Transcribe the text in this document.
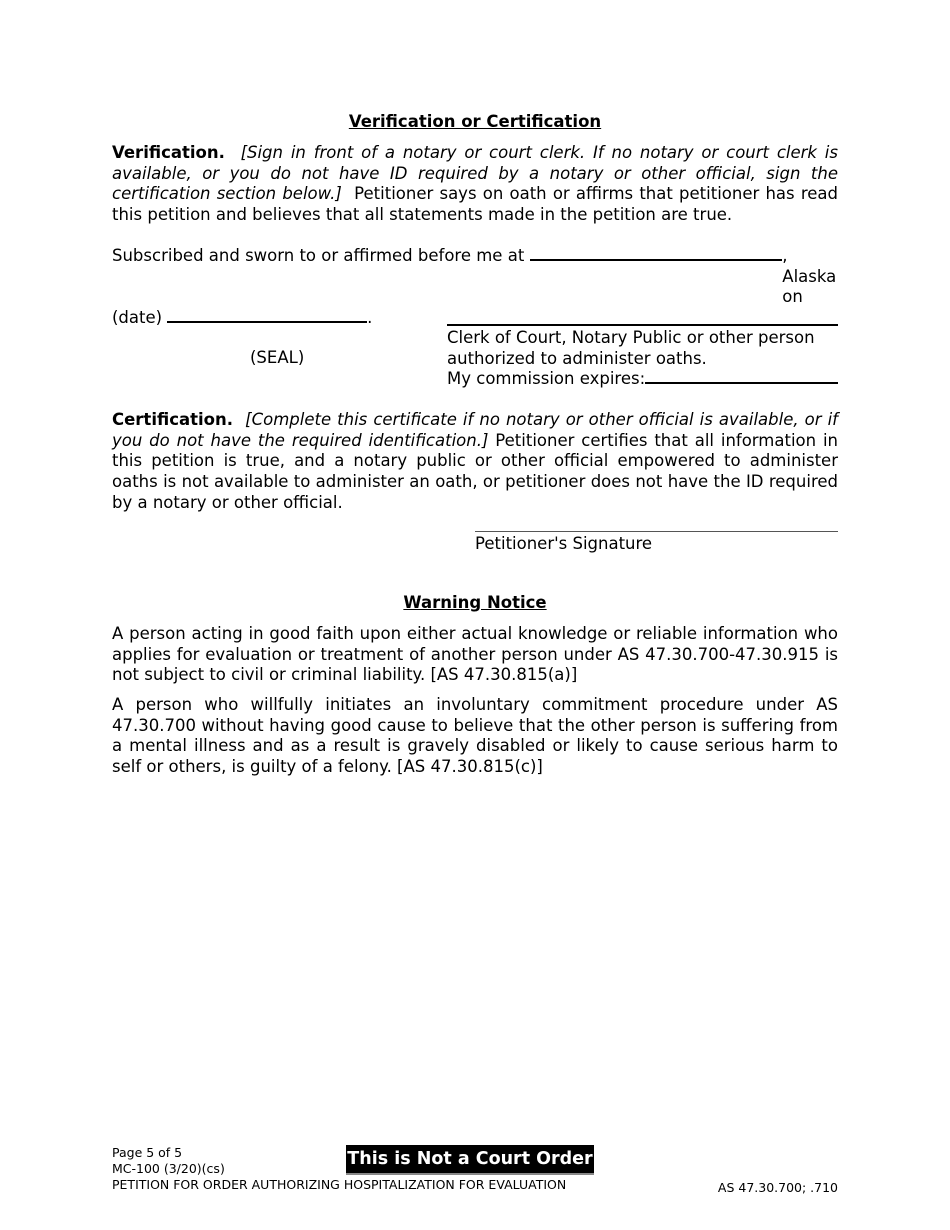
Verification or Certification
Verification. [Sign in front of a notary or court clerk. If no notary or court clerk is available, or you do not have ID required by a notary or other official, sign the certification section below.] Petitioner says on oath or affirms that petitioner has read this petition and believes that all statements made in the petition are true.
Subscribed and sworn to or affirmed before me at	, Alaska on
(date)	.
(SEAL)
Clerk of Court, Notary Public or other person
authorized to administer oaths.
My commission expires:
Certification. [Complete this certificate if no notary or other official is available, or if you do not have the required identification.] Petitioner certifies that all information in this petition is true, and a notary public or other official empowered to administer oaths is not available to administer an oath, or petitioner does not have the ID required by a notary or other official.
Petitioner's Signature
Warning Notice
A person acting in good faith upon either actual knowledge or reliable information who applies for evaluation or treatment of another person under AS 47.30.700-47.30.915 is not subject to civil or criminal liability. [AS 47.30.815(a)]
A person who willfully initiates an involuntary commitment procedure under AS 47.30.700 without having good cause to believe that the other person is suffering from a mental illness and as a result is gravely disabled or likely to cause serious harm to self or others, is guilty of a felony. [AS 47.30.815(c)]
Page 5 of 5
MC-100 (3/20)(cs)
PETITION FOR ORDER AUTHORIZING HOSPITALIZATION FOR EVALUATION
This is Not a Court Order
AS 47.30.700; .710
